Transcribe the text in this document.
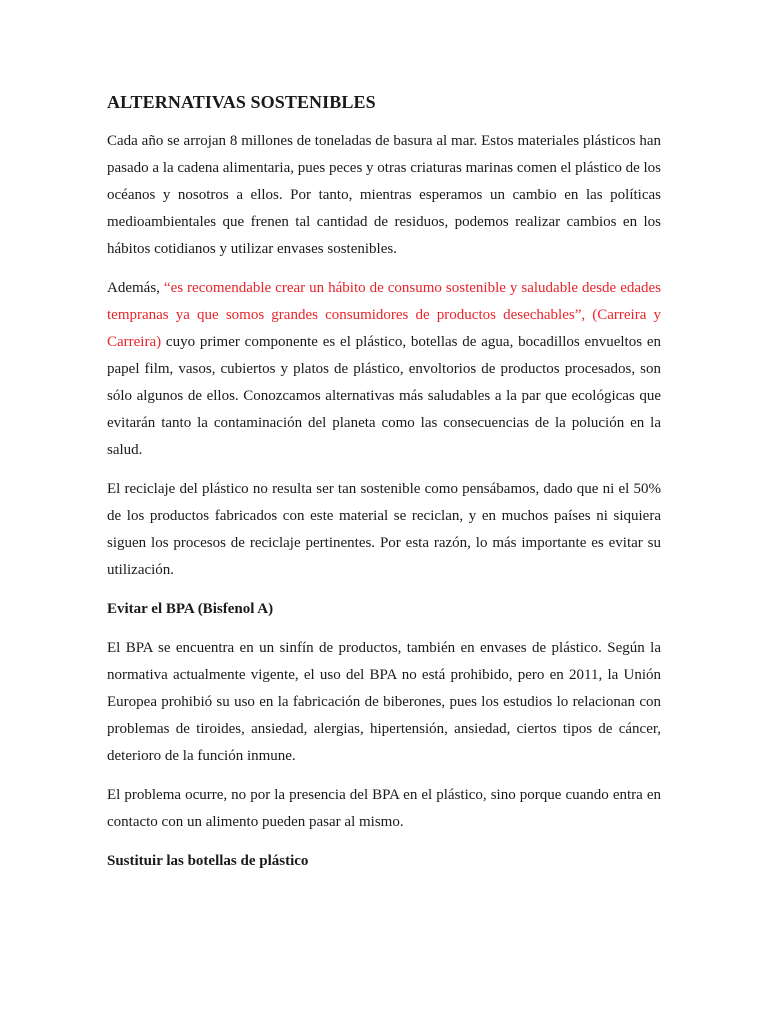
ALTERNATIVAS SOSTENIBLES

Cada año se arrojan 8 millones de toneladas de basura al mar. Estos materiales plásticos han pasado a la cadena alimentaria, pues peces y otras criaturas marinas comen el plástico de los océanos y nosotros a ellos. Por tanto, mientras esperamos un cambio en las políticas medioambientales que frenen tal cantidad de residuos, podemos realizar cambios en los hábitos cotidianos y utilizar envases sostenibles.

Además, “es recomendable crear un hábito de consumo sostenible y saludable desde edades tempranas ya que somos grandes consumidores de productos desechables”, (Carreira y Carreira) cuyo primer componente es el plástico, botellas de agua, bocadillos envueltos en papel film, vasos, cubiertos y platos de plástico, envoltorios de productos procesados, son sólo algunos de ellos. Conozcamos alternativas más saludables a la par que ecológicas que evitarán tanto la contaminación del planeta como las consecuencias de la polución en la salud.

El reciclaje del plástico no resulta ser tan sostenible como pensábamos, dado que ni el 50% de los productos fabricados con este material se reciclan, y en muchos países ni siquiera siguen los procesos de reciclaje pertinentes. Por esta razón, lo más importante es evitar su utilización.

Evitar el BPA (Bisfenol A)

El BPA se encuentra en un sinfín de productos, también en envases de plástico. Según la normativa actualmente vigente, el uso del BPA no está prohibido, pero en 2011, la Unión Europea prohibió su uso en la fabricación de biberones, pues los estudios lo relacionan con problemas de tiroides, ansiedad, alergias, hipertensión, ansiedad, ciertos tipos de cáncer, deterioro de la función inmune.

El problema ocurre, no por la presencia del BPA en el plástico, sino porque cuando entra en contacto con un alimento pueden pasar al mismo.

Sustituir las botellas de plástico
